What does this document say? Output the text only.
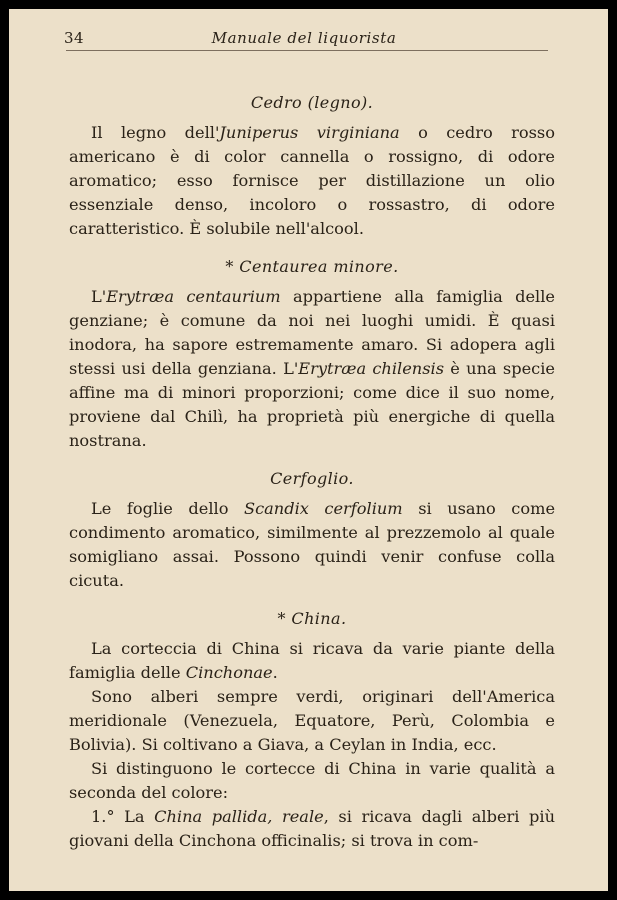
34	Manuale del liquorista

Cedro (legno).

Il legno dell'Juniperus virginiana o cedro rosso americano è di color cannella o rossigno, di odore aromatico; esso fornisce per distillazione un olio essenziale denso, incoloro o rossastro, di odore caratteristico. È solubile nell'alcool.

* Centaurea minore.

L'Erytræa centaurium appartiene alla famiglia delle genziane; è comune da noi nei luoghi umidi. È quasi inodora, ha sapore estremamente amaro. Si adopera agli stessi usi della genziana. L'Erytræa chilensis è una specie affine ma di minori proporzioni; come dice il suo nome, proviene dal Chilì, ha proprietà più energiche di quella nostrana.

Cerfoglio.

Le foglie dello Scandix cerfolium si usano come condimento aromatico, similmente al prezzemolo al quale somigliano assai. Possono quindi venir confuse colla cicuta.

* China.

La corteccia di China si ricava da varie piante della famiglia delle Cinchonae.

Sono alberi sempre verdi, originari dell'America meridionale (Venezuela, Equatore, Perù, Colombia e Bolivia). Si coltivano a Giava, a Ceylan in India, ecc.

Si distinguono le cortecce di China in varie qualità a seconda del colore:

1.° La China pallida, reale, si ricava dagli alberi più giovani della Cinchona officinalis; si trova in com-
